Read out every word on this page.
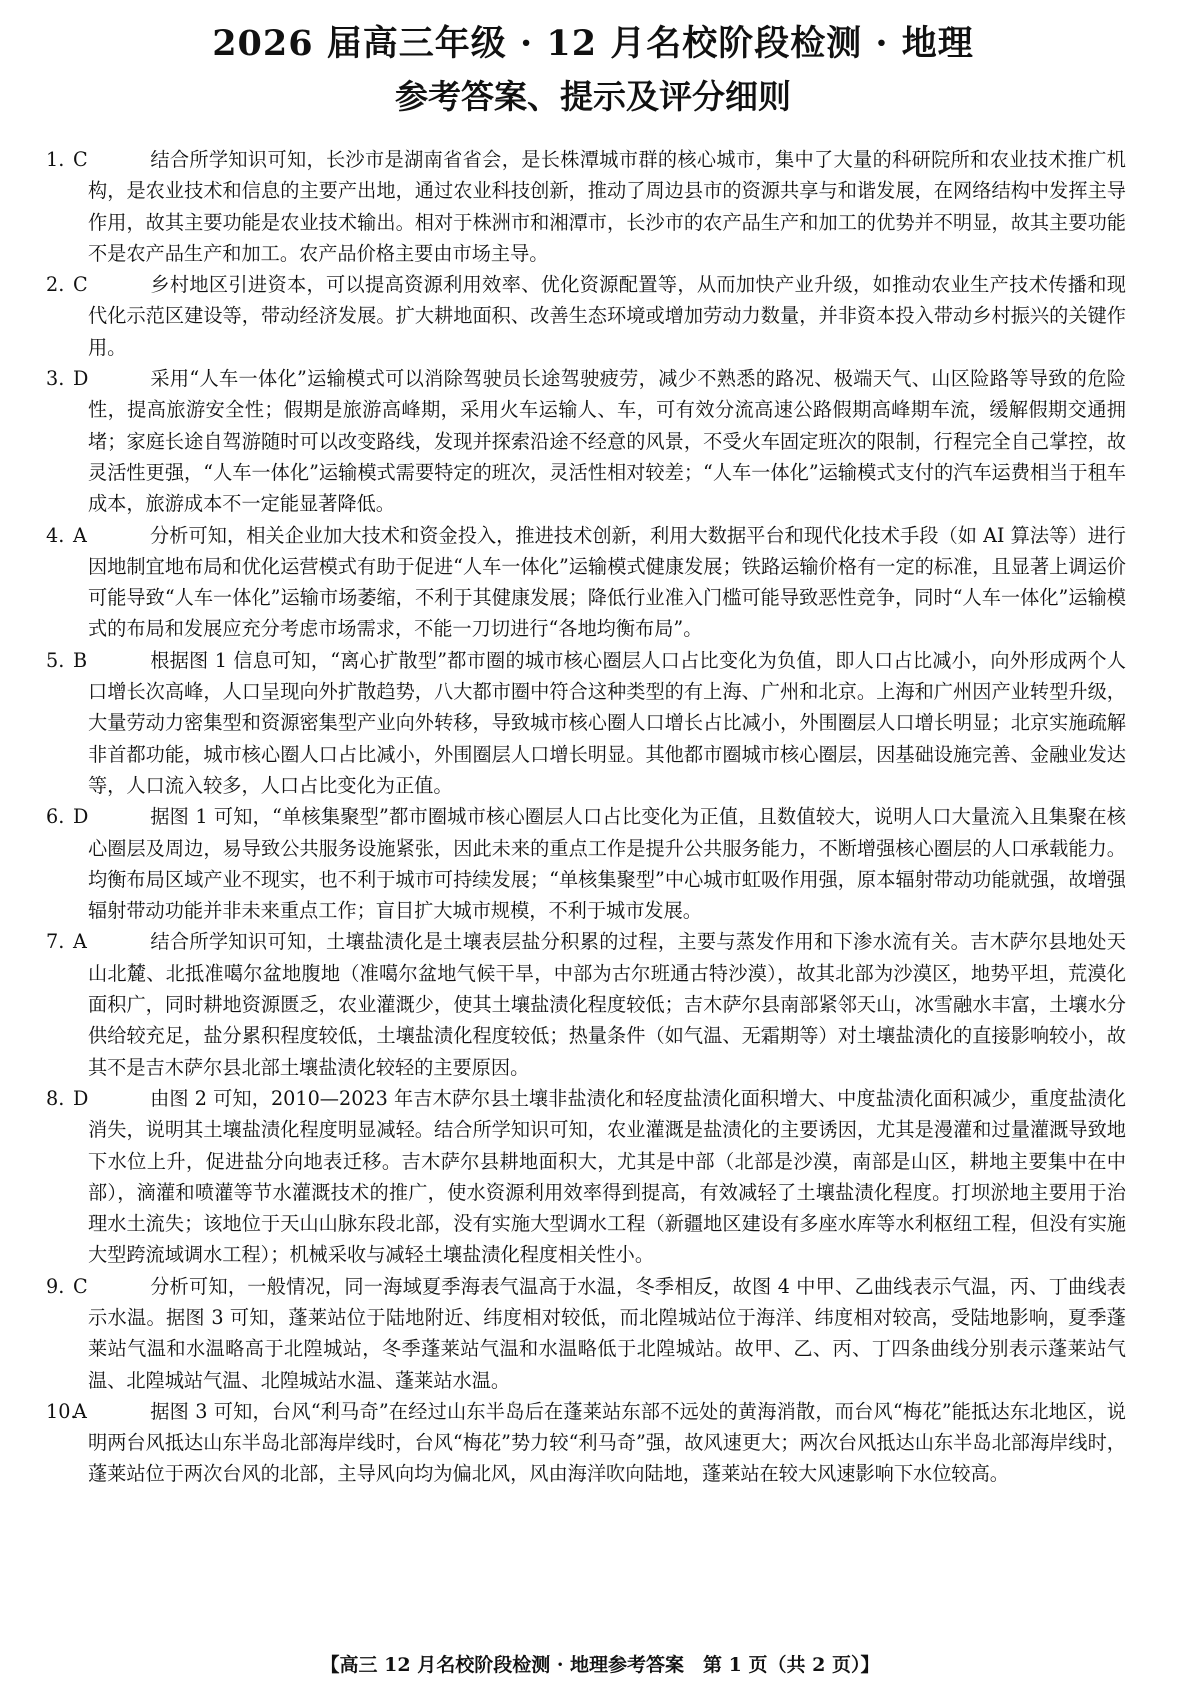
2026 届高三年级 · 12 月名校阶段检测 · 地理
参考答案、提示及评分细则

1. C	结合所学知识可知，长沙市是湖南省省会，是长株潭城市群的核心城市，集中了大量的科研院所和农业技术推广机构，是农业技术和信息的主要产出地，通过农业科技创新，推动了周边县市的资源共享与和谐发展，在网络结构中发挥主导作用，故其主要功能是农业技术输出。相对于株洲市和湘潭市，长沙市的农产品生产和加工的优势并不明显，故其主要功能不是农产品生产和加工。农产品价格主要由市场主导。

2. C	乡村地区引进资本，可以提高资源利用效率、优化资源配置等，从而加快产业升级，如推动农业生产技术传播和现代化示范区建设等，带动经济发展。扩大耕地面积、改善生态环境或增加劳动力数量，并非资本投入带动乡村振兴的关键作用。

3. D	采用“人车一体化”运输模式可以消除驾驶员长途驾驶疲劳，减少不熟悉的路况、极端天气、山区险路等导致的危险性，提高旅游安全性；假期是旅游高峰期，采用火车运输人、车，可有效分流高速公路假期高峰期车流，缓解假期交通拥堵；家庭长途自驾游随时可以改变路线，发现并探索沿途不经意的风景，不受火车固定班次的限制，行程完全自己掌控，故灵活性更强，“人车一体化”运输模式需要特定的班次，灵活性相对较差；“人车一体化”运输模式支付的汽车运费相当于租车成本，旅游成本不一定能显著降低。

4. A	分析可知，相关企业加大技术和资金投入，推进技术创新，利用大数据平台和现代化技术手段（如 AI 算法等）进行因地制宜地布局和优化运营模式有助于促进“人车一体化”运输模式健康发展；铁路运输价格有一定的标准，且显著上调运价可能导致“人车一体化”运输市场萎缩，不利于其健康发展；降低行业准入门槛可能导致恶性竞争，同时“人车一体化”运输模式的布局和发展应充分考虑市场需求，不能一刀切进行“各地均衡布局”。

5. B	根据图 1 信息可知，“离心扩散型”都市圈的城市核心圈层人口占比变化为负值，即人口占比减小，向外形成两个人口增长次高峰，人口呈现向外扩散趋势，八大都市圈中符合这种类型的有上海、广州和北京。上海和广州因产业转型升级，大量劳动力密集型和资源密集型产业向外转移，导致城市核心圈人口增长占比减小，外围圈层人口增长明显；北京实施疏解非首都功能，城市核心圈人口占比减小，外围圈层人口增长明显。其他都市圈城市核心圈层，因基础设施完善、金融业发达等，人口流入较多，人口占比变化为正值。

6. D	据图 1 可知，“单核集聚型”都市圈城市核心圈层人口占比变化为正值，且数值较大，说明人口大量流入且集聚在核心圈层及周边，易导致公共服务设施紧张，因此未来的重点工作是提升公共服务能力，不断增强核心圈层的人口承载能力。均衡布局区域产业不现实，也不利于城市可持续发展；“单核集聚型”中心城市虹吸作用强，原本辐射带动功能就强，故增强辐射带动功能并非未来重点工作；盲目扩大城市规模，不利于城市发展。

7. A	结合所学知识可知，土壤盐渍化是土壤表层盐分积累的过程，主要与蒸发作用和下渗水流有关。吉木萨尔县地处天山北麓、北抵准噶尔盆地腹地（准噶尔盆地气候干旱，中部为古尔班通古特沙漠），故其北部为沙漠区，地势平坦，荒漠化面积广，同时耕地资源匮乏，农业灌溉少，使其土壤盐渍化程度较低；吉木萨尔县南部紧邻天山，冰雪融水丰富，土壤水分供给较充足，盐分累积程度较低，土壤盐渍化程度较低；热量条件（如气温、无霜期等）对土壤盐渍化的直接影响较小，故其不是吉木萨尔县北部土壤盐渍化较轻的主要原因。

8. D	由图 2 可知，2010—2023 年吉木萨尔县土壤非盐渍化和轻度盐渍化面积增大、中度盐渍化面积减少，重度盐渍化消失，说明其土壤盐渍化程度明显减轻。结合所学知识可知，农业灌溉是盐渍化的主要诱因，尤其是漫灌和过量灌溉导致地下水位上升，促进盐分向地表迁移。吉木萨尔县耕地面积大，尤其是中部（北部是沙漠，南部是山区，耕地主要集中在中部），滴灌和喷灌等节水灌溉技术的推广，使水资源利用效率得到提高，有效减轻了土壤盐渍化程度。打坝淤地主要用于治理水土流失；该地位于天山山脉东段北部，没有实施大型调水工程（新疆地区建设有多座水库等水利枢纽工程，但没有实施大型跨流域调水工程）；机械采收与减轻土壤盐渍化程度相关性小。

9. C	分析可知，一般情况，同一海域夏季海表气温高于水温，冬季相反，故图 4 中甲、乙曲线表示气温，丙、丁曲线表示水温。据图 3 可知，蓬莱站位于陆地附近、纬度相对较低，而北隍城站位于海洋、纬度相对较高，受陆地影响，夏季蓬莱站气温和水温略高于北隍城站，冬季蓬莱站气温和水温略低于北隍城站。故甲、乙、丙、丁四条曲线分别表示蓬莱站气温、北隍城站气温、北隍城站水温、蓬莱站水温。

10.A	据图 3 可知，台风“利马奇”在经过山东半岛后在蓬莱站东部不远处的黄海消散，而台风“梅花”能抵达东北地区，说明两台风抵达山东半岛北部海岸线时，台风“梅花”势力较“利马奇”强，故风速更大；两次台风抵达山东半岛北部海岸线时，蓬莱站位于两次台风的北部，主导风向均为偏北风，风由海洋吹向陆地，蓬莱站在较大风速影响下水位较高。

【高三 12 月名校阶段检测 · 地理参考答案　第 1 页（共 2 页）】
